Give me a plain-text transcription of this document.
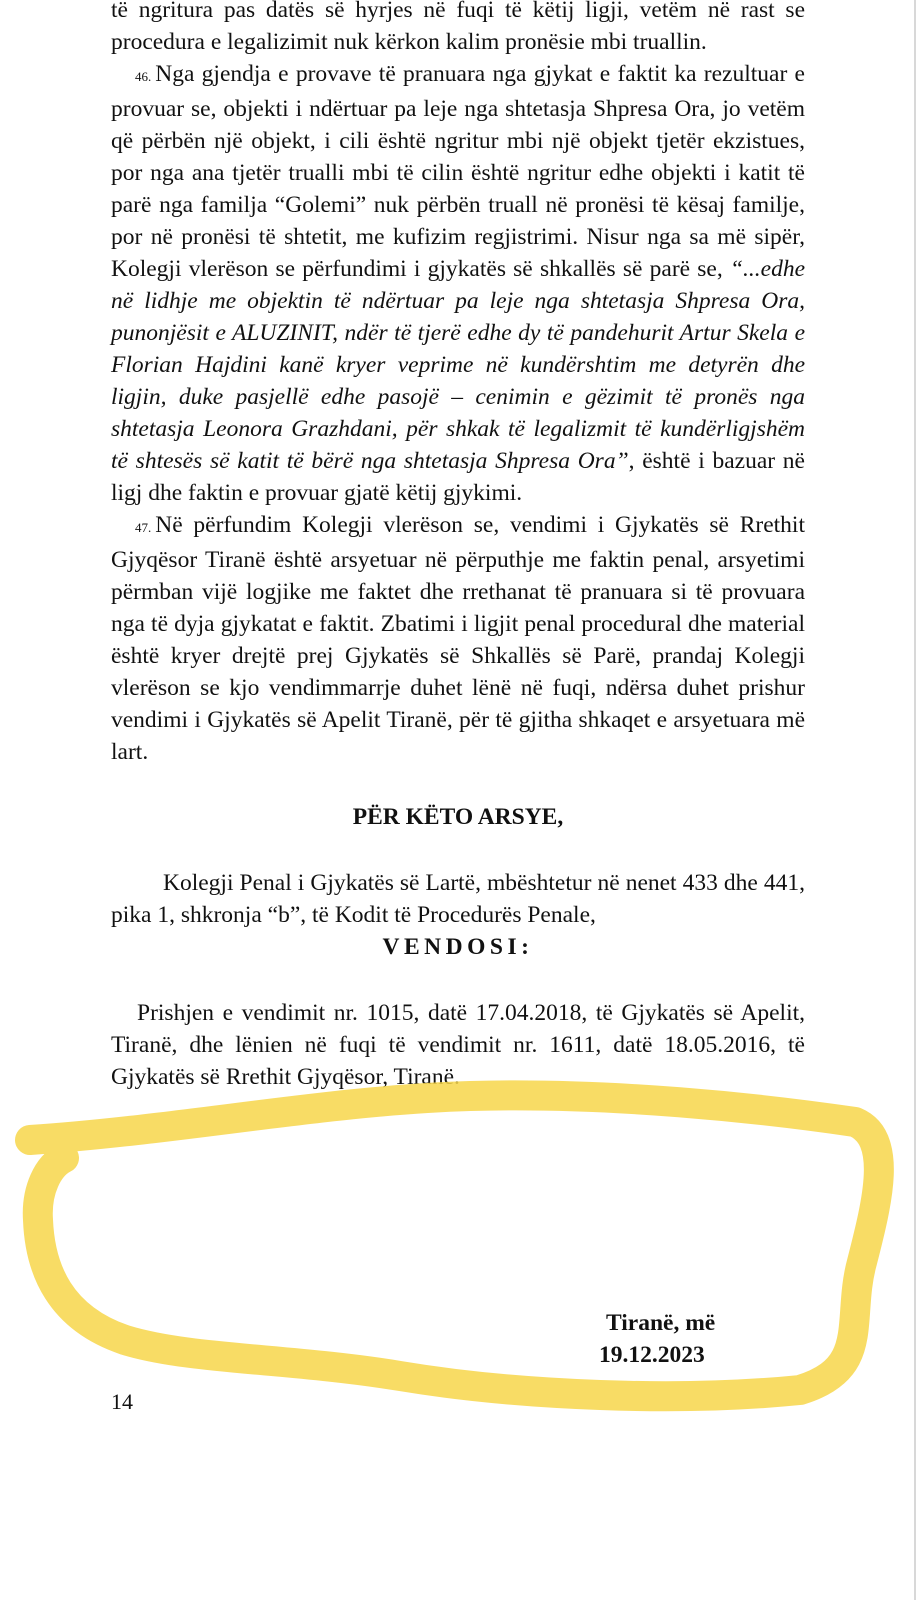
të ngritura pas datës së hyrjes në fuqi të këtij ligji, vetëm në rast se procedura e legalizimit nuk kërkon kalim pronësie mbi truallin.

46. Nga gjendja e provave të pranuara nga gjykat e faktit ka rezultuar e provuar se, objekti i ndërtuar pa leje nga shtetasja Shpresa Ora, jo vetëm që përbën një objekt, i cili është ngritur mbi një objekt tjetër ekzistues, por nga ana tjetër trualli mbi të cilin është ngritur edhe objekti i katit të parë nga familja “Golemi” nuk përbën truall në pronësi të kësaj familje, por në pronësi të shtetit, me kufizim regjistrimi. Nisur nga sa më sipër, Kolegji vlerëson se përfundimi i gjykatës së shkallës së parë se, “...edhe në lidhje me objektin të ndërtuar pa leje nga shtetasja Shpresa Ora, punonjësit e ALUZINIT, ndër të tjerë edhe dy të pandehurit Artur Skela e Florian Hajdini kanë kryer veprime në kundërshtim me detyrën dhe ligjin, duke pasjellë edhe pasojë – cenimin e gëzimit të pronës nga shtetasja Leonora Grazhdani, për shkak të legalizmit të kundërligjshëm të shtesës së katit të bërë nga shtetasja Shpresa Ora”, është i bazuar në ligj dhe faktin e provuar gjatë këtij gjykimi.

47. Në përfundim Kolegji vlerëson se, vendimi i Gjykatës së Rrethit Gjyqësor Tiranë është arsyetuar në përputhje me faktin penal, arsyetimi përmban vijë logjike me faktet dhe rrethanat të pranuara si të provuara nga të dyja gjykatat e faktit. Zbatimi i ligjit penal procedural dhe material është kryer drejtë prej Gjykatës së Shkallës së Parë, prandaj Kolegji vlerëson se kjo vendimmarrje duhet lënë në fuqi, ndërsa duhet prishur vendimi i Gjykatës së Apelit Tiranë, për të gjitha shkaqet e arsyetuara më lart.

PËR KËTO ARSYE,

Kolegji Penal i Gjykatës së Lartë, mbështetur në nenet 433 dhe 441, pika 1, shkronja “b”, të Kodit të Procedurës Penale,

VENDOSI:

Prishjen e vendimit nr. 1015, datë 17.04.2018, të Gjykatës së Apelit, Tiranë, dhe lënien në fuqi të vendimit nr. 1611, datë 18.05.2016, të Gjykatës së Rrethit Gjyqësor, Tiranë.

Tiranë, më
19.12.2023
14
